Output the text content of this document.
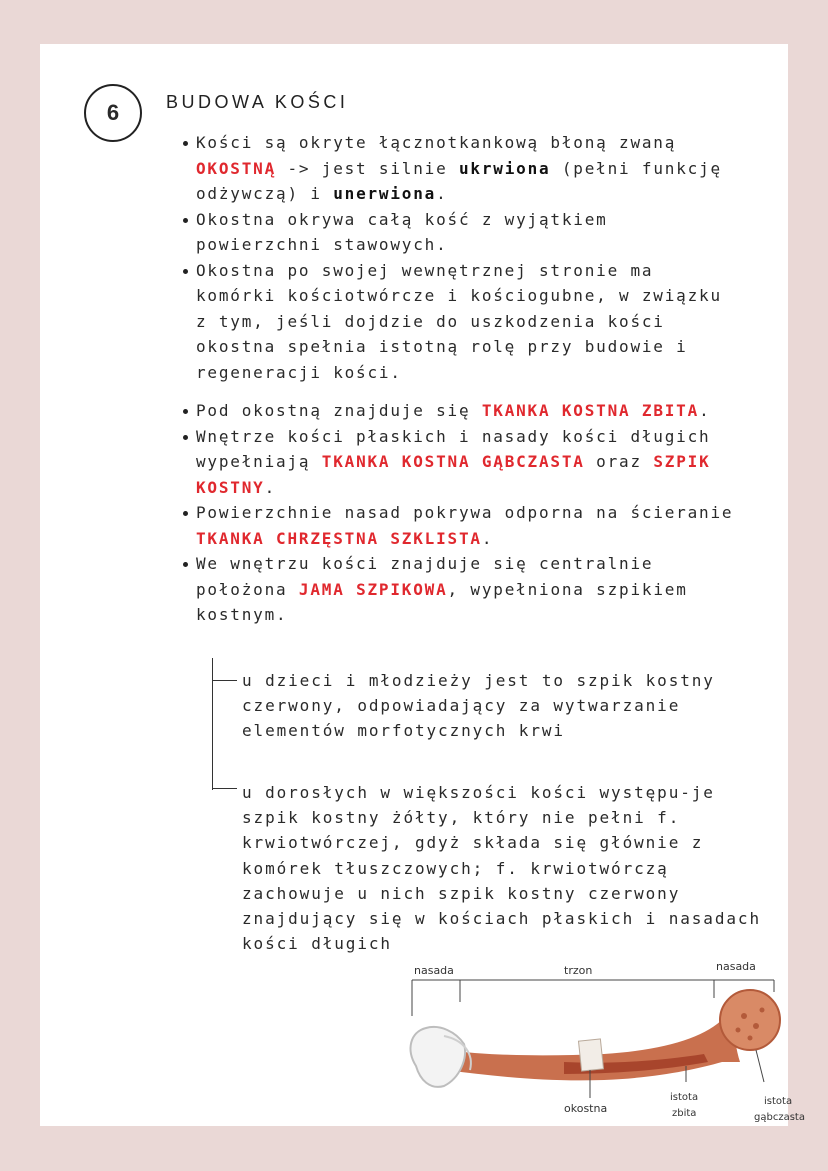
6	BUDOWA KOŚCI
Kości są okryte łącznotkankową błoną zwaną OKOSTNĄ -> jest silnie ukrwiona (pełni funkcję odżywczą) i unerwiona.
Okostna okrywa całą kość z wyjątkiem powierzchni stawowych.
Okostna po swojej wewnętrznej stronie ma komórki kościotwórcze i kościogubne, w związku z tym, jeśli dojdzie do uszkodzenia kości okostna spełnia istotną rolę przy budowie i regeneracji kości.
Pod okostną znajduje się TKANKA KOSTNA ZBITA.
Wnętrze kości płaskich i nasady kości długich wypełniają TKANKA KOSTNA GĄBCZASTA oraz SZPIK KOSTNY.
Powierzchnie nasad pokrywa odporna na ścieranie TKANKA CHRZĘSTNA SZKLISTA.
We wnętrzu kości znajduje się centralnie położona JAMA SZPIKOWA, wypełniona szpikiem kostnym.
u dzieci i młodzieży jest to szpik kostny czerwony, odpowiadający za wytwarzanie elementów morfotycznych krwi
u dorosłych w większości kości występu-je szpik kostny żółty, który nie pełni f. krwiotwórczej, gdyż składa się głównie z komórek tłuszczowych; f. krwiotwórczą zachowuje u nich szpik kostny czerwony znajdujący się w kościach płaskich i nasadach kości długich
nasada	trzon	nasada
okostna
istota
zbita
istota
gąbczasta
